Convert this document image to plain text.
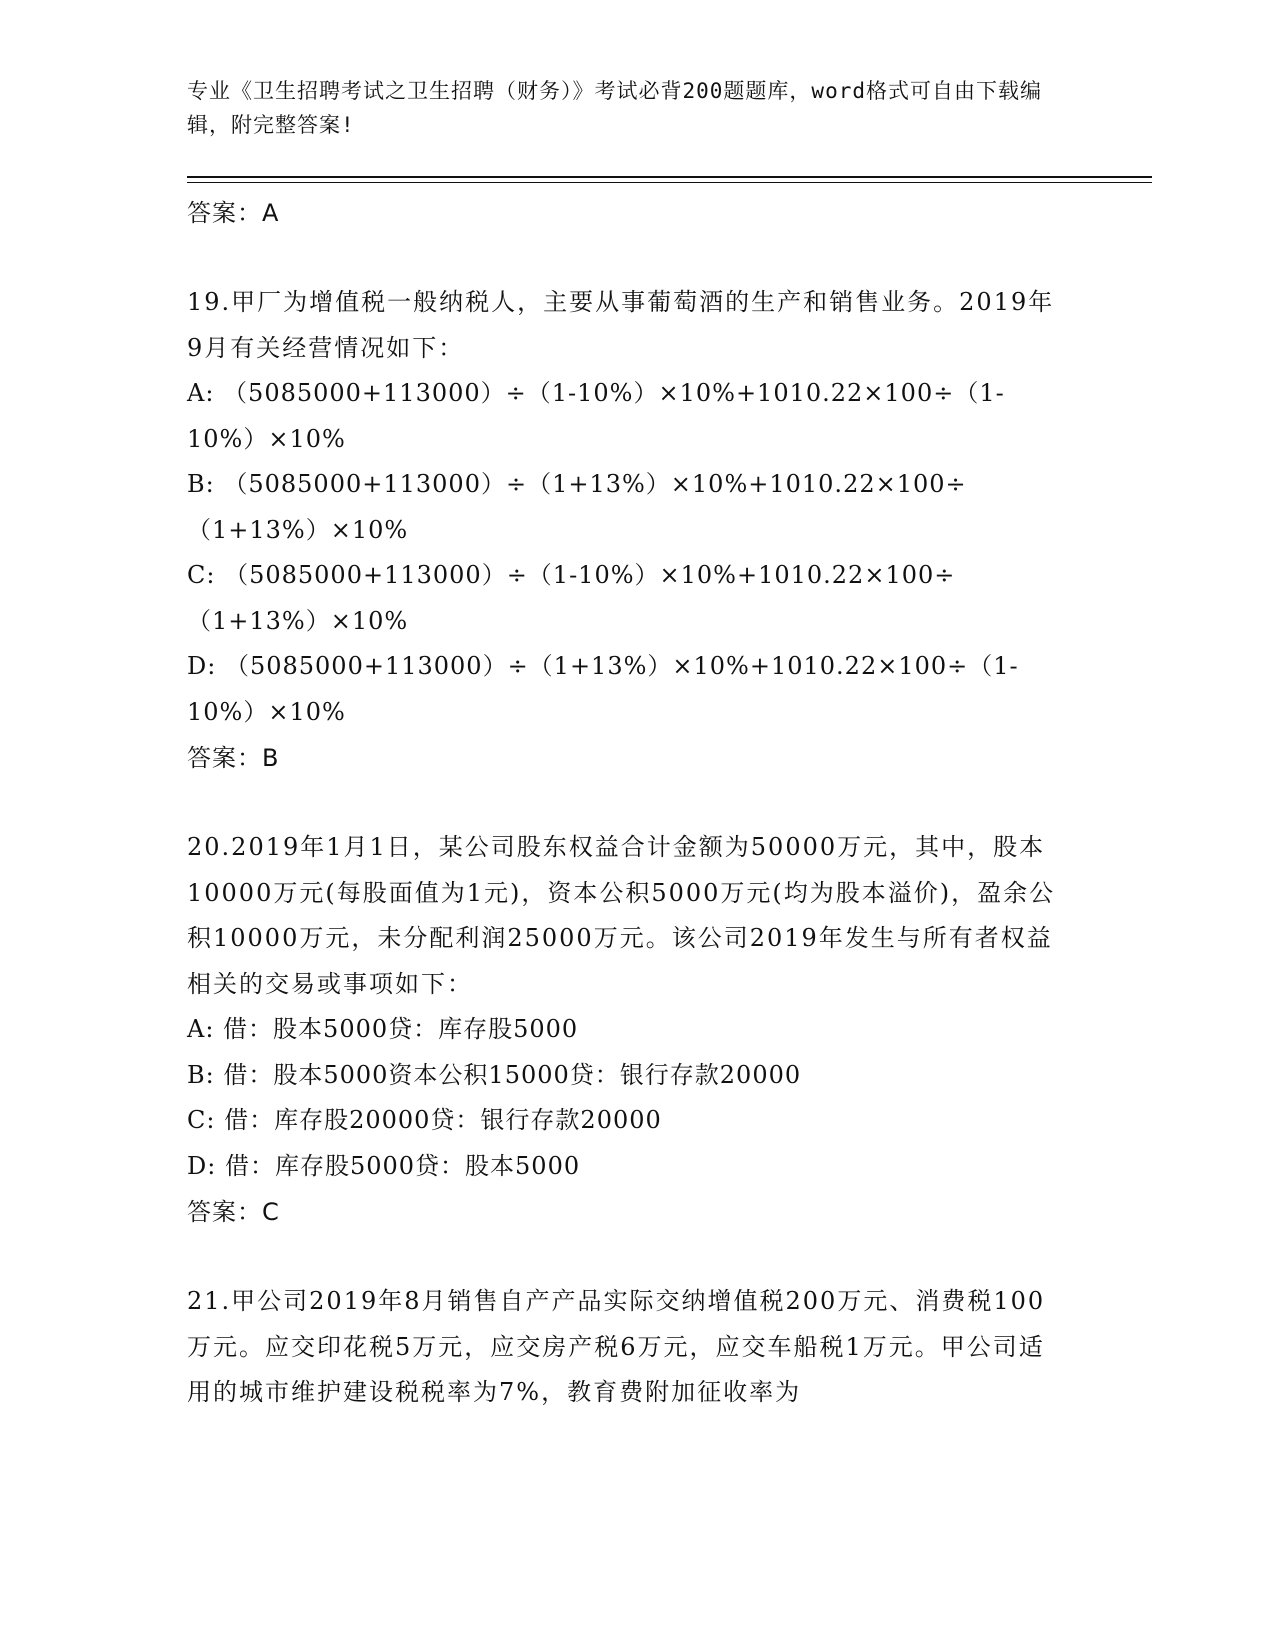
专业《卫生招聘考试之卫生招聘（财务）》考试必背200题题库，word格式可自由下载编辑，附完整答案!

答案：A

19.甲厂为增值税一般纳税人，主要从事葡萄酒的生产和销售业务。2019年9月有关经营情况如下：

A: （5085000+113000）÷（1-10%）×10%+1010.22×100÷（1-10%）×10%

B: （5085000+113000）÷（1+13%）×10%+1010.22×100÷（1+13%）×10%

C: （5085000+113000）÷（1-10%）×10%+1010.22×100÷（1+13%）×10%

D: （5085000+113000）÷（1+13%）×10%+1010.22×100÷（1-10%）×10%

答案：B

20.2019年1月1日，某公司股东权益合计金额为50000万元，其中，股本10000万元(每股面值为1元)，资本公积5000万元(均为股本溢价)，盈余公积10000万元，未分配利润25000万元。该公司2019年发生与所有者权益相关的交易或事项如下：

A: 借：股本5000贷：库存股5000

B: 借：股本5000资本公积15000贷：银行存款20000

C: 借：库存股20000贷：银行存款20000

D: 借：库存股5000贷：股本5000

答案：C

21.甲公司2019年8月销售自产产品实际交纳增值税200万元、消费税100万元。应交印花税5万元，应交房产税6万元，应交车船税1万元。甲公司适用的城市维护建设税税率为7%，教育费附加征收率为
